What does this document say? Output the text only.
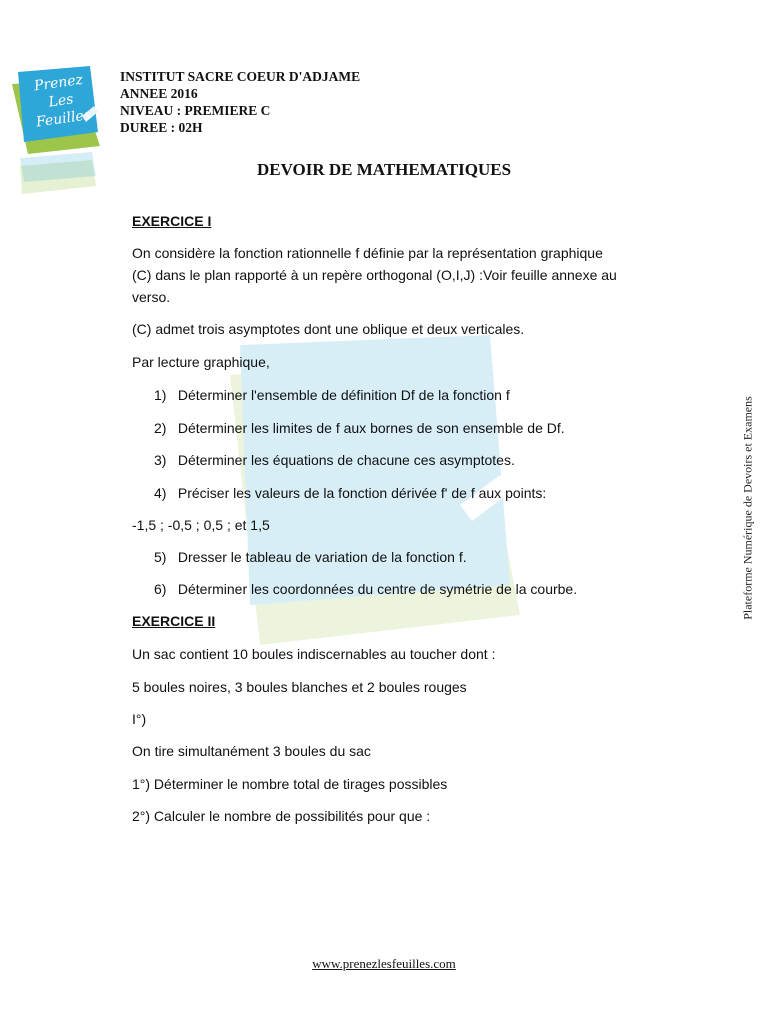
Prenez
Les
Feuilles
INSTITUT SACRE COEUR D'ADJAME
ANNEE 2016
NIVEAU : PREMIERE C
DUREE : 02H
DEVOIR DE MATHEMATIQUES
Plateforme Numérique de Devoirs et Examens
EXERCICE I
On considère la fonction rationnelle f définie par la représentation graphique
(C) dans le plan rapporté à un repère orthogonal (O,I,J) :Voir feuille annexe au
verso.
(C) admet trois asymptotes dont une oblique et deux verticales.
Par lecture graphique,
1) Déterminer l'ensemble de définition Df de la fonction f
2) Déterminer les limites de f aux bornes de son ensemble de Df.
3) Déterminer les équations de chacune ces asymptotes.
4) Préciser les valeurs de la fonction dérivée f' de f aux points:
-1,5 ; -0,5 ; 0,5 ; et 1,5
5) Dresser le tableau de variation de la fonction f.
6) Déterminer les coordonnées du centre de symétrie de la courbe.
EXERCICE II
Un sac contient 10 boules indiscernables au toucher dont :
5 boules noires, 3 boules blanches et 2 boules rouges
I°)
On tire simultanément 3 boules du sac
1°) Déterminer le nombre total de tirages possibles
2°) Calculer le nombre de possibilités pour que :
www.prenezlesfeuilles.com
